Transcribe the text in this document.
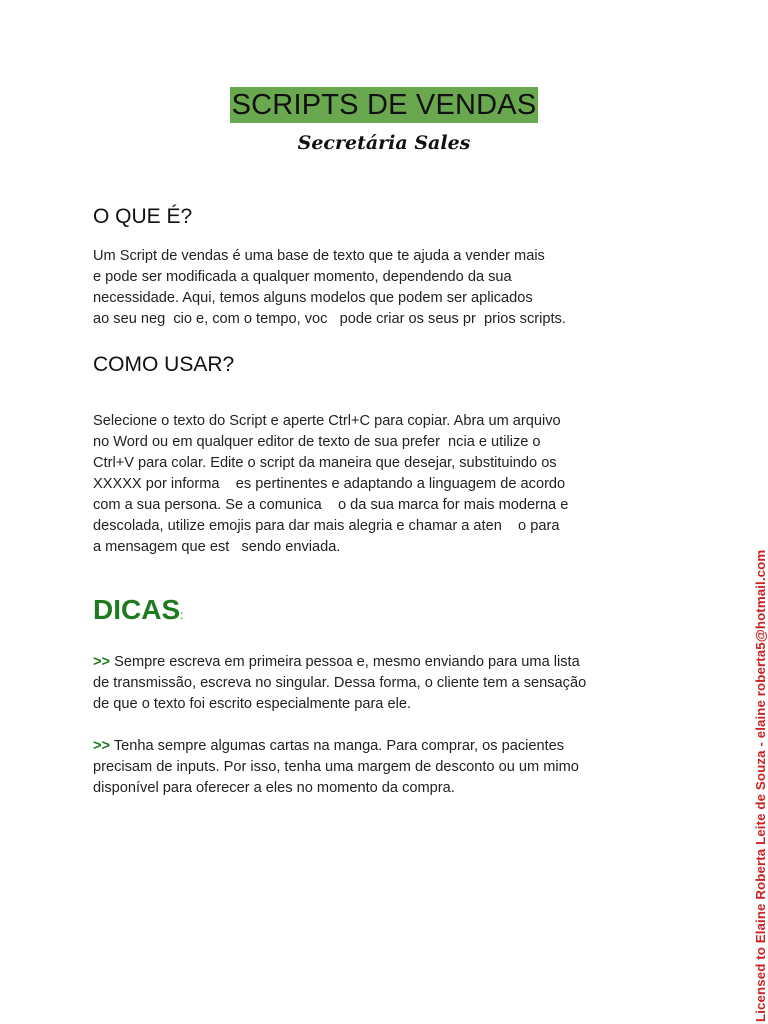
SCRIPTS DE VENDAS
Secretária Sales
O QUE É?
Um Script de vendas é uma base de texto que te ajuda a vender mais
e pode ser modificada a qualquer momento, dependendo da sua
necessidade. Aqui, temos alguns modelos que podem ser aplicados
ao seu neg  cio e, com o tempo, voc   pode criar os seus pr  prios scripts.
COMO USAR?
Selecione o texto do Script e aperte Ctrl+C para copiar. Abra um arquivo
no Word ou em qualquer editor de texto de sua prefer  ncia e utilize o
Ctrl+V para colar. Edite o script da maneira que desejar, substituindo os
XXXXX por informa    es pertinentes e adaptando a linguagem de acordo
com a sua persona. Se a comunica    o da sua marca for mais moderna e
descolada, utilize emojis para dar mais alegria e chamar a aten    o para
a mensagem que est   sendo enviada.
DICAS:
>> Sempre escreva em primeira pessoa e, mesmo enviando para uma lista
de transmissão, escreva no singular. Dessa forma, o cliente tem a sensação
de que o texto foi escrito especialmente para ele.
>> Tenha sempre algumas cartas na manga. Para comprar, os pacientes
precisam de inputs. Por isso, tenha uma margem de desconto ou um mimo
disponível para oferecer a eles no momento da compra.	Licensed to Elaine Roberta Leite de Souza - elaine roberta5@hotmail.com
